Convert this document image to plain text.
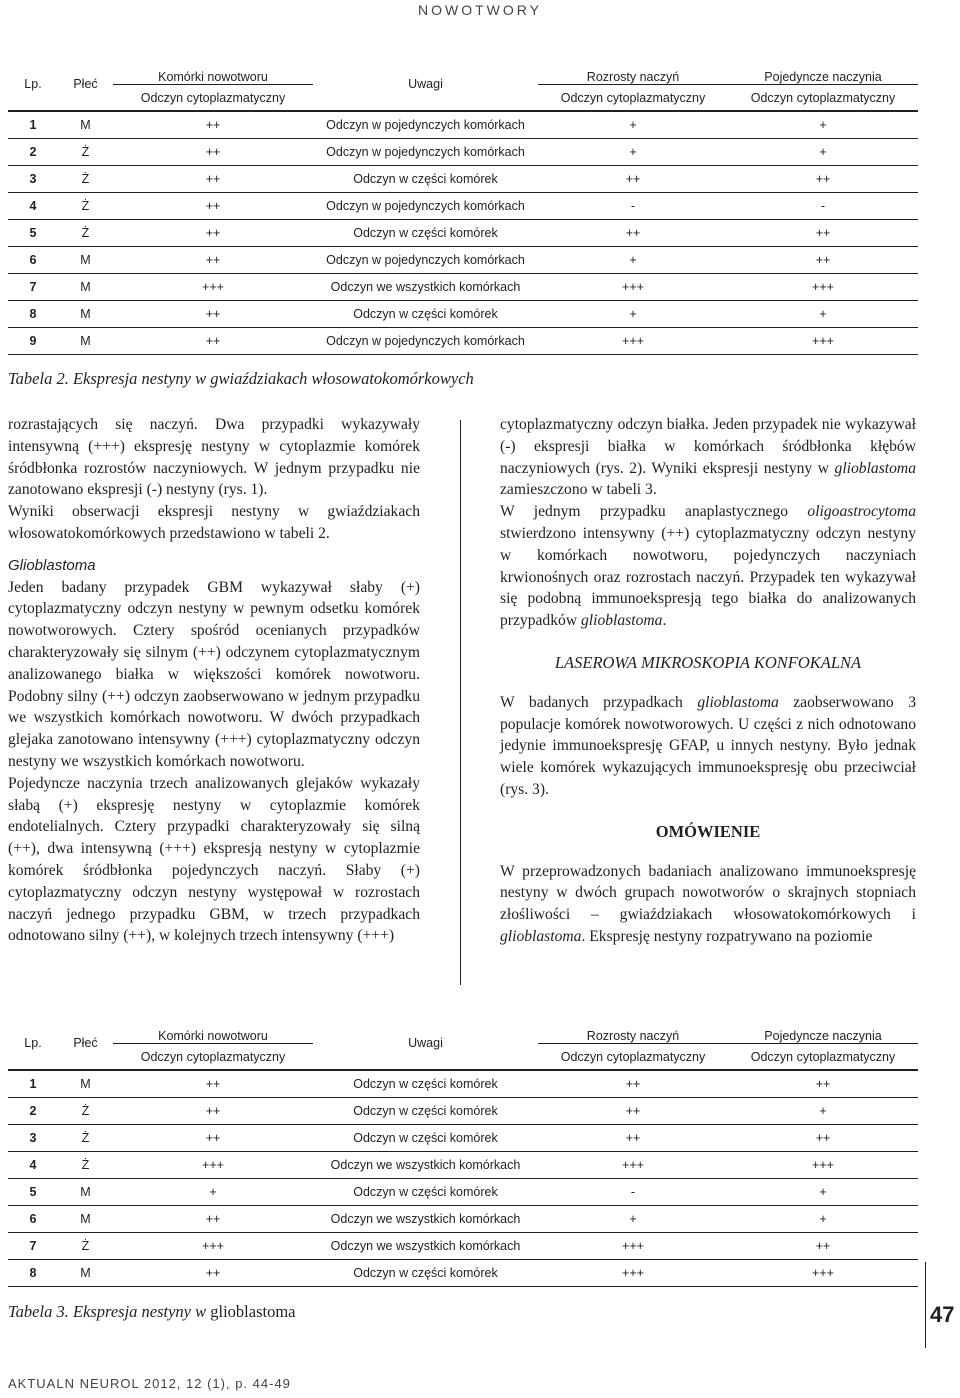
NOWOTWORY
Lp.	Płeć	Komórki nowotworu	Uwagi	Rozrosty naczyń	Pojedyncze naczynia
		Odczyn cytoplazmatyczny		Odczyn cytoplazmatyczny	Odczyn cytoplazmatyczny
1	M	++	Odczyn w pojedynczych komórkach	+	+
2	Ż	++	Odczyn w pojedynczych komórkach	+	+
3	Ż	++	Odczyn w części komórek	++	++
4	Ż	++	Odczyn w pojedynczych komórkach	-	-
5	Ż	++	Odczyn w części komórek	++	++
6	M	++	Odczyn w pojedynczych komórkach	+	++
7	M	+++	Odczyn we wszystkich komórkach	+++	+++
8	M	++	Odczyn w części komórek	+	+
9	M	++	Odczyn w pojedynczych komórkach	+++	+++
Tabela 2. Ekspresja nestyny w gwiaździakach włosowatokomórkowych

rozrastających się naczyń. Dwa przypadki wykazywały intensywną (+++) ekspresję nestyny w cytoplazmie komórek śródbłonka rozrostów naczyniowych. W jednym przypadku nie zanotowano ekspresji (-) nestyny (rys. 1).

Wyniki obserwacji ekspresji nestyny w gwiaździakach włosowatokomórkowych przedstawiono w tabeli 2.

Glioblastoma

Jeden badany przypadek GBM wykazywał słaby (+) cytoplazmatyczny odczyn nestyny w pewnym odsetku komórek nowotworowych. Cztery spośród ocenianych przypadków charakteryzowały się silnym (++) odczynem cytoplazmatycznym analizowanego białka w większości komórek nowotworu. Podobny silny (++) odczyn zaobserwowano w jednym przypadku we wszystkich komórkach nowotworu. W dwóch przypadkach glejaka zanotowano intensywny (+++) cytoplazmatyczny odczyn nestyny we wszystkich komórkach nowotworu.

Pojedyncze naczynia trzech analizowanych glejaków wykazały słabą (+) ekspresję nestyny w cytoplazmie komórek endotelialnych. Cztery przypadki charakteryzowały się silną (++), dwa intensywną (+++) ekspresją nestyny w cytoplazmie komórek śródbłonka pojedynczych naczyń. Słaby (+) cytoplazmatyczny odczyn nestyny występował w rozrostach naczyń jednego przypadku GBM, w trzech przypadkach odnotowano silny (++), w kolejnych trzech intensywny (+++)

cytoplazmatyczny odczyn białka. Jeden przypadek nie wykazywał (-) ekspresji białka w komórkach śródbłonka kłębów naczyniowych (rys. 2). Wyniki ekspresji nestyny w glioblastoma zamieszczono w tabeli 3.

W jednym przypadku anaplastycznego oligoastrocytoma stwierdzono intensywny (++) cytoplazmatyczny odczyn nestyny w komórkach nowotworu, pojedynczych naczyniach krwionośnych oraz rozrostach naczyń. Przypadek ten wykazywał się podobną immunoekspresją tego białka do analizowanych przypadków glioblastoma.

LASEROWA MIKROSKOPIA KONFOKALNA

W badanych przypadkach glioblastoma zaobserwowano 3 populacje komórek nowotworowych. U części z nich odnotowano jedynie immunoekspresję GFAP, u innych nestyny. Było jednak wiele komórek wykazujących immunoekspresję obu przeciwciał (rys. 3).

OMÓWIENIE

W przeprowadzonych badaniach analizowano immunoekspresję nestyny w dwóch grupach nowotworów o skrajnych stopniach złośliwości – gwiaździakach włosowatokomórkowych i glioblastoma. Ekspresję nestyny rozpatrywano na poziomie

Lp.	Płeć	Komórki nowotworu	Uwagi	Rozrosty naczyń	Pojedyncze naczynia
		Odczyn cytoplazmatyczny		Odczyn cytoplazmatyczny	Odczyn cytoplazmatyczny
1	M	++	Odczyn w części komórek	++	++
2	Ż	++	Odczyn w części komórek	++	+
3	Ż	++	Odczyn w części komórek	++	++
4	Ż	+++	Odczyn we wszystkich komórkach	+++	+++
5	M	+	Odczyn w części komórek	-	+
6	M	++	Odczyn we wszystkich komórkach	+	+
7	Ż	+++	Odczyn we wszystkich komórkach	+++	++
8	M	++	Odczyn w części komórek	+++	+++
Tabela 3. Ekspresja nestyny w glioblastoma	47
AKTUALN NEUROL 2012, 12 (1), p. 44-49
